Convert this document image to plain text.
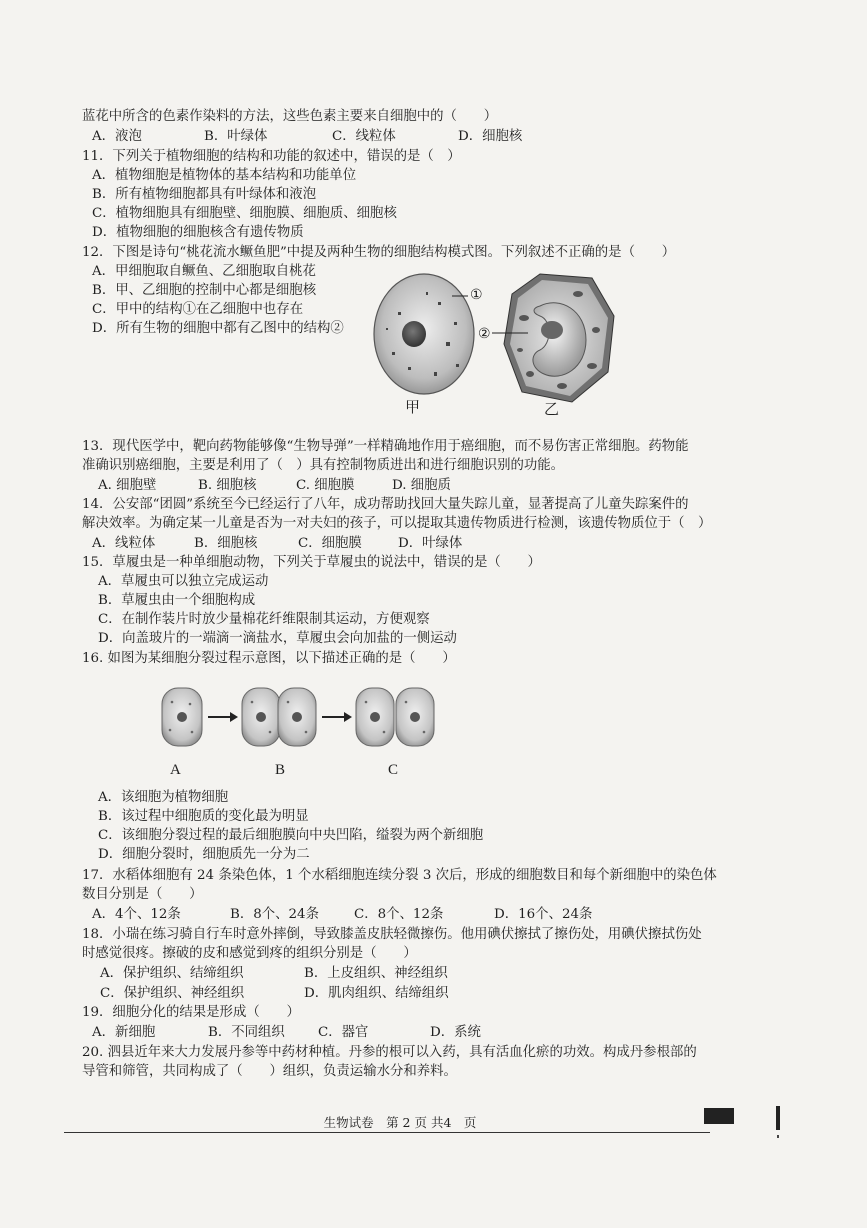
蓝花中所含的色素作染料的方法，这些色素主要来自细胞中的（　　）
A．液泡	B．叶绿体	C．线粒体	D．细胞核
11．下列关于植物细胞的结构和功能的叙述中，错误的是（　）
A．植物细胞是植物体的基本结构和功能单位
B．所有植物细胞都具有叶绿体和液泡
C．植物细胞具有细胞壁、细胞膜、细胞质、细胞核
D．植物细胞的细胞核含有遗传物质
12．下图是诗句“桃花流水鳜鱼肥”中提及两种生物的细胞结构模式图。下列叙述不正确的是（　　）
A．甲细胞取自鳜鱼、乙细胞取自桃花
B．甲、乙细胞的控制中心都是细胞核
C．甲中的结构①在乙细胞中也存在
D．所有生物的细胞中都有乙图中的结构②
①
甲
②
乙
13．现代医学中，靶向药物能够像“生物导弹”一样精确地作用于癌细胞，而不易伤害正常细胞。药物能
准确识别癌细胞，主要是利用了（　）具有控制物质进出和进行细胞识别的功能。
A. 细胞壁	B. 细胞核	C. 细胞膜	D. 细胞质
14．公安部“团圆”系统至今已经运行了八年，成功帮助找回大量失踪儿童，显著提高了儿童失踪案件的
解决效率。为确定某一儿童是否为一对夫妇的孩子，可以提取其遗传物质进行检测，该遗传物质位于（　）
A．线粒体	B．细胞核	C．细胞膜	D．叶绿体
15．草履虫是一种单细胞动物，下列关于草履虫的说法中，错误的是（　　）
A．草履虫可以独立完成运动
B．草履虫由一个细胞构成
C．在制作装片时放少量棉花纤维限制其运动，方便观察
D．向盖玻片的一端滴一滴盐水，草履虫会向加盐的一侧运动
16. 如图为某细胞分裂过程示意图，以下描述正确的是（　　）
A	B	C
A．该细胞为植物细胞
B．该过程中细胞质的变化最为明显
C．该细胞分裂过程的最后细胞膜向中央凹陷，缢裂为两个新细胞
D．细胞分裂时，细胞质先一分为二
17．水稻体细胞有 24 条染色体，1 个水稻细胞连续分裂 3 次后，形成的细胞数目和每个新细胞中的染色体
数目分别是（　　）
A．4个、12条	B．8个、24条	C．8个、12条	D．16个、24条
18．小瑞在练习骑自行车时意外摔倒，导致膝盖皮肤轻微擦伤。他用碘伏擦拭了擦伤处，用碘伏擦拭伤处
时感觉很疼。擦破的皮和感觉到疼的组织分别是（　　）
A．保护组织、结缔组织	B．上皮组织、神经组织
C．保护组织、神经组织	D．肌肉组织、结缔组织
19．细胞分化的结果是形成（　　）
A．新细胞	B．不同组织 C．器官	D．系统
20. 泗县近年来大力发展丹参等中药材种植。丹参的根可以入药，具有活血化瘀的功效。构成丹参根部的
导管和筛管，共同构成了（　　）组织，负责运输水分和养料。
生物试卷　第 2 页 共4　页
